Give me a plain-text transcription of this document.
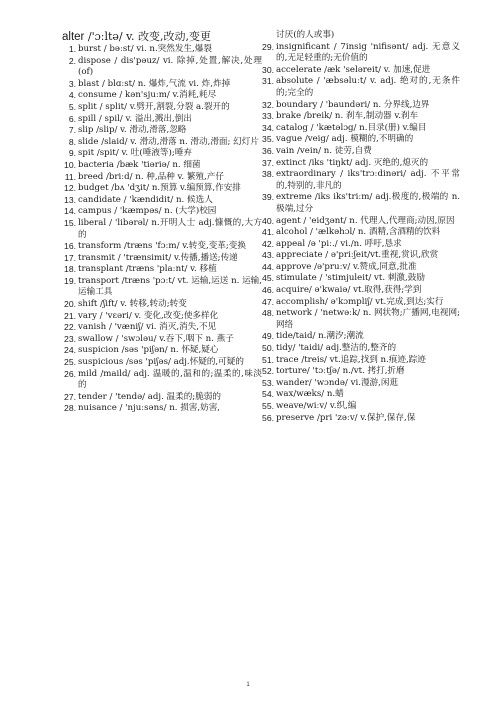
alter /'ɔːltə/ v. 改变,改动,变更
1. burst / bəːst/ vi. n.突然发生,爆裂
2. dispose / dis'pəuz/ vi. 除掉,处置,解决,处理 (of)
3. blast / blɑːst/ n. 爆炸,气流 vi. 炸,炸掉
4. consume / kən'sjuːm/ v.消耗,耗尽
5. split / split/ v.劈开,割裂,分裂 a.裂开的
6. spill / spil/ v. 溢出,溅出,倒出
7. slip /slip/ v. 滑动,滑落,忽略
8. slide /slaid/ v. 滑动,滑落 n. 滑动,滑面; 幻灯片
9. spit /spit/ v. 吐(唾液等);唾弃
10. bacteria /bæk 'tiəriə/ n. 细菌
11. breed /briːd/ n. 种,品种 v. 繁殖,产仔
12. budget /bʌ 'dʒit/ n.预算 v.编预算,作安排
13. candidate / 'kændidit/ n. 候选人
14. campus / 'kæmpəs/ n. (大学)校园
15. liberal / 'libərəl/ n.开明人士 adj.慷慨的,大方的
16. transform /træns 'fɔːm/ v.转变,变革;变换
17. transmit / 'trænsimit/ v.传播,播送;传递
18. transplant /træns 'plaːnt/ v. 移植
19. transport /træns 'pɔːt/ vt. 运输,运送 n. 运输,运输工具
20. shift /ʃift/ v. 转移,转动;转变
21. vary / 'vɛəri/ v. 变化,改变;使多样化
22. vanish / 'væniʃ/ vi. 消灭,消失,不见
23. swallow / 'swɔləu/ v.吞下,咽下 n. 燕子
24. suspicion /səs 'piʃən/ n. 怀疑,疑心
25. suspicious /səs 'piʃəs/ adj.怀疑的,可疑的
26. mild /maild/ adj. 温暖的,温和的;温柔的,味淡的
27. tender / 'tendə/ adj. 温柔的;脆弱的
28. nuisance / 'njuːsəns/ n. 损害,妨害,
讨厌(的人或事)
29. insignificant / 7insig 'nifisənt/ adj. 无意义 的,无足轻重的;无价值的
30. accelerate /æk 'seləreit/ v. 加速,促进
31. absolute / 'æbsəluːt/ v. adj. 绝对的,无条件的;完全的
32. boundary / 'baundəri/ n. 分界线,边界
33. brake /breik/ n. 刹车,制动器 v.刹车
34. catalog / 'kætəlɔg/ n.目录(册) v.编目
35. vague /veig/ adj. 模糊的,不明确的
36. vain /vein/ n. 徒劳,自费
37. extinct /iks 'tiŋkt/ adj. 灭绝的,熄灭的
38. extraordinary / iks'trɔːdinəri/ adj. 不平常的,特别的,非凡的
39. extreme /iks iks'triːm/ adj.极度的,极端的 n. 极端,过分
40. agent / 'eidʒənt/ n. 代理人,代理商;动因,原因
41. alcohol / 'ælkəhɔl/ n. 酒精,含酒精的饮料
42. appeal /ə 'piː./ vi./n. 呼吁,恳求
43. appreciate / ə'priːʃeit/vt.重视,赏识,欣赏
44. approve /ə'pruːv/ v.赞成,同意,批准
45. stimulate / 'stimjuleit/ vt. 刺激,鼓励
46. acquire/ ə'kwaiə/ vt.取得,获得;学到
47. accomplish/ ə'kɔmpliʃ/ vt.完成,到达;实行
48. network / 'netwəːk/ n. 网状物;广播网,电视网;网络
49. tide/taid/ n.潮汐;潮流
50. tidy/ 'taidi/ adj.整洁的,整齐的
51. trace /treis/ vt.追踪,找到 n.痕迹,踪迹
52. torture/ 'tɔːtʃə/ n./vt. 拷打,折磨
53. wander/ 'wɔndə/ vi.漫游,闲逛
54. wax/wæks/ n.蜡
55. weave/wiːv/ v.织,编
56. preserve /pri 'zəːv/ v.保护,保存,保
1
